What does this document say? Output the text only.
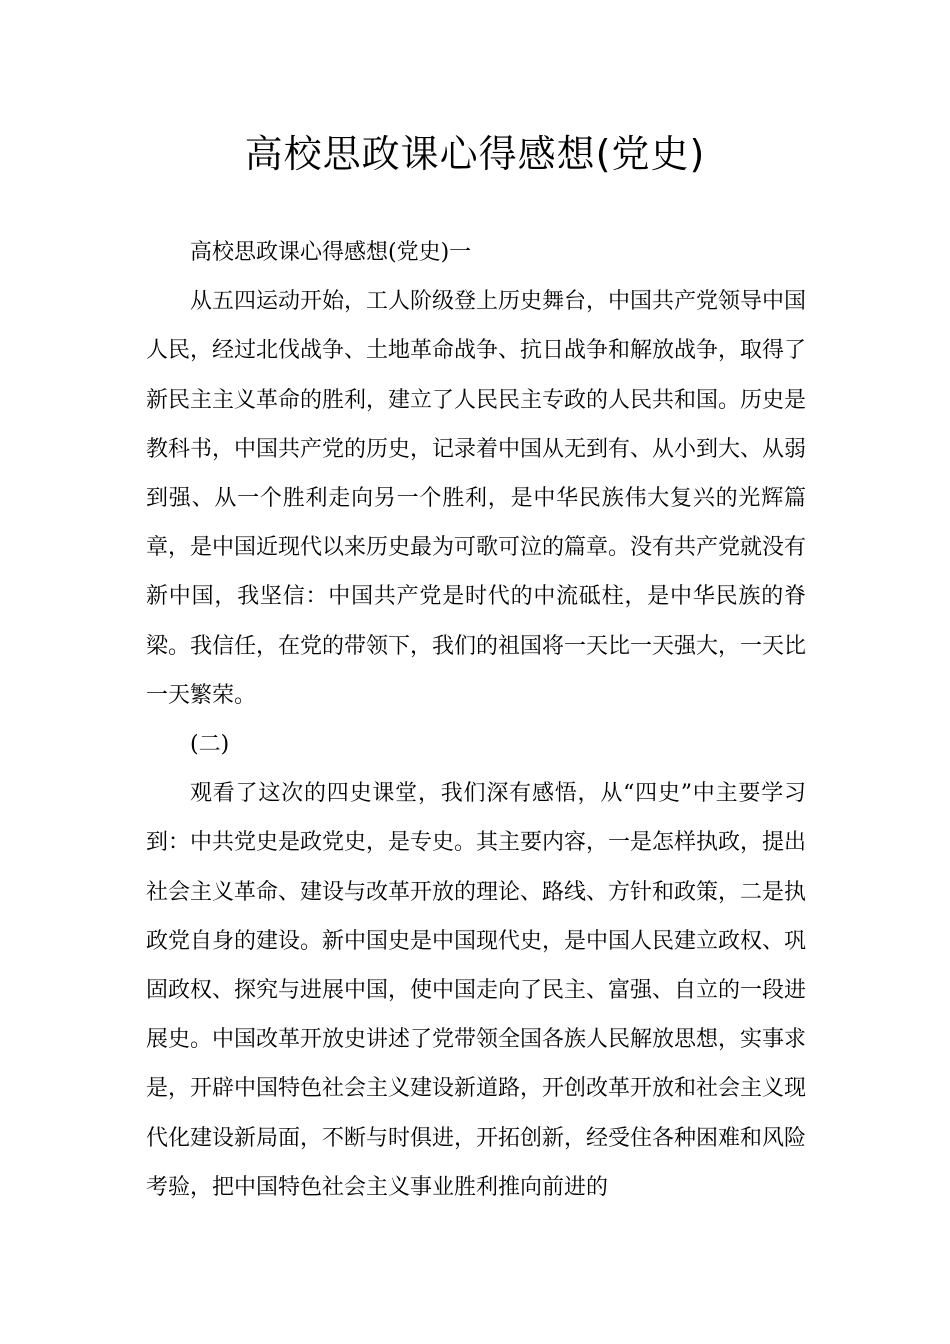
高校思政课心得感想(党史)

高校思政课心得感想(党史)一

从五四运动开始，工人阶级登上历史舞台，中国共产党领导中国人民，经过北伐战争、土地革命战争、抗日战争和解放战争，取得了新民主主义革命的胜利，建立了人民民主专政的人民共和国。历史是教科书，中国共产党的历史，记录着中国从无到有、从小到大、从弱到强、从一个胜利走向另一个胜利，是中华民族伟大复兴的光辉篇章，是中国近现代以来历史最为可歌可泣的篇章。没有共产党就没有新中国，我坚信：中国共产党是时代的中流砥柱，是中华民族的脊梁。我信任，在党的带领下，我们的祖国将一天比一天强大，一天比一天繁荣。

(二)

观看了这次的四史课堂，我们深有感悟，从“四史”中主要学习到：中共党史是政党史，是专史。其主要内容，一是怎样执政，提出社会主义革命、建设与改革开放的理论、路线、方针和政策，二是执政党自身的建设。新中国史是中国现代史，是中国人民建立政权、巩固政权、探究与进展中国，使中国走向了民主、富强、自立的一段进展史。中国改革开放史讲述了党带领全国各族人民解放思想，实事求是，开辟中国特色社会主义建设新道路，开创改革开放和社会主义现代化建设新局面，不断与时俱进，开拓创新，经受住各种困难和风险考验，把中国特色社会主义事业胜利推向前进的
